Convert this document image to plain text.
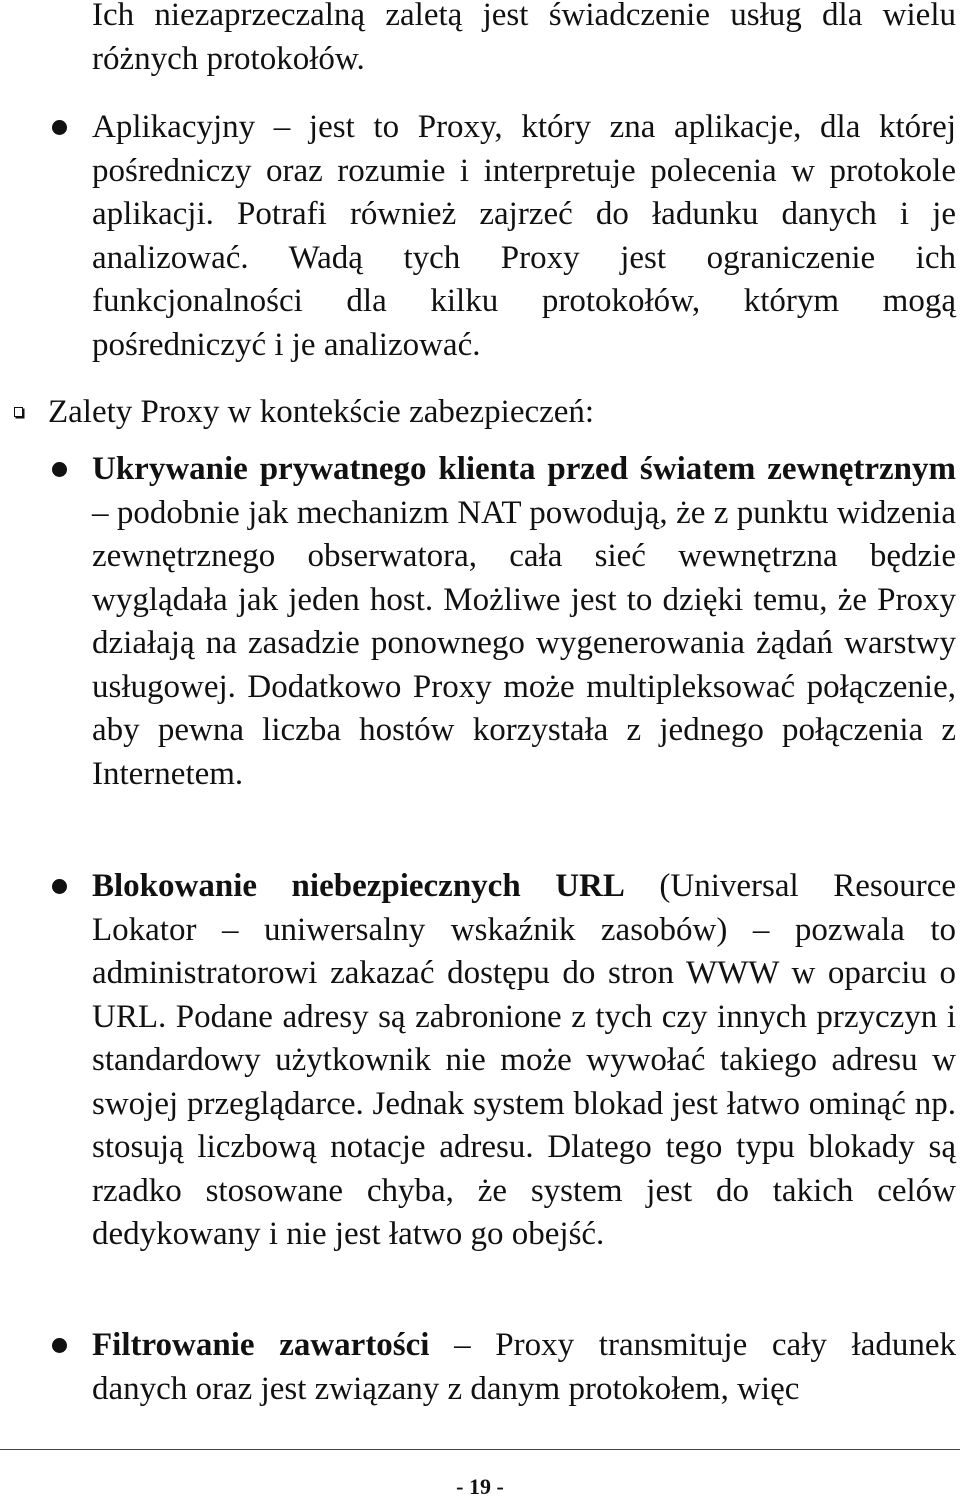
Ich niezaprzeczalną zaletą jest świadczenie usług dla wielu różnych protokołów.
Aplikacyjny – jest to Proxy, który zna aplikacje, dla której pośredniczy oraz rozumie i interpretuje polecenia w protokole aplikacji. Potrafi również zajrzeć do ładunku danych i je analizować. Wadą tych Proxy jest ograniczenie ich funkcjonalności dla kilku protokołów, którym mogą pośredniczyć i je analizować.
Zalety Proxy w kontekście zabezpieczeń:
Ukrywanie prywatnego klienta przed światem zewnętrznym – podobnie jak mechanizm NAT powodują, że z punktu widzenia zewnętrznego obserwatora, cała sieć wewnętrzna będzie wyglądała jak jeden host. Możliwe jest to dzięki temu, że Proxy działają na zasadzie ponownego wygenerowania żądań warstwy usługowej. Dodatkowo Proxy może multipleksować połączenie, aby pewna liczba hostów korzystała z jednego połączenia z Internetem.
Blokowanie niebezpiecznych URL (Universal Resource Lokator – uniwersalny wskaźnik zasobów) – pozwala to administratorowi zakazać dostępu do stron WWW w oparciu o URL. Podane adresy są zabronione z tych czy innych przyczyn i standardowy użytkownik nie może wywołać takiego adresu w swojej przeglądarce. Jednak system blokad jest łatwo ominąć np. stosują liczbową notacje adresu. Dlatego tego typu blokady są rzadko stosowane chyba, że system jest do takich celów dedykowany i nie jest łatwo go obejść.
Filtrowanie zawartości – Proxy transmituje cały ładunek danych oraz jest związany z danym protokołem, więc
- 19 -
